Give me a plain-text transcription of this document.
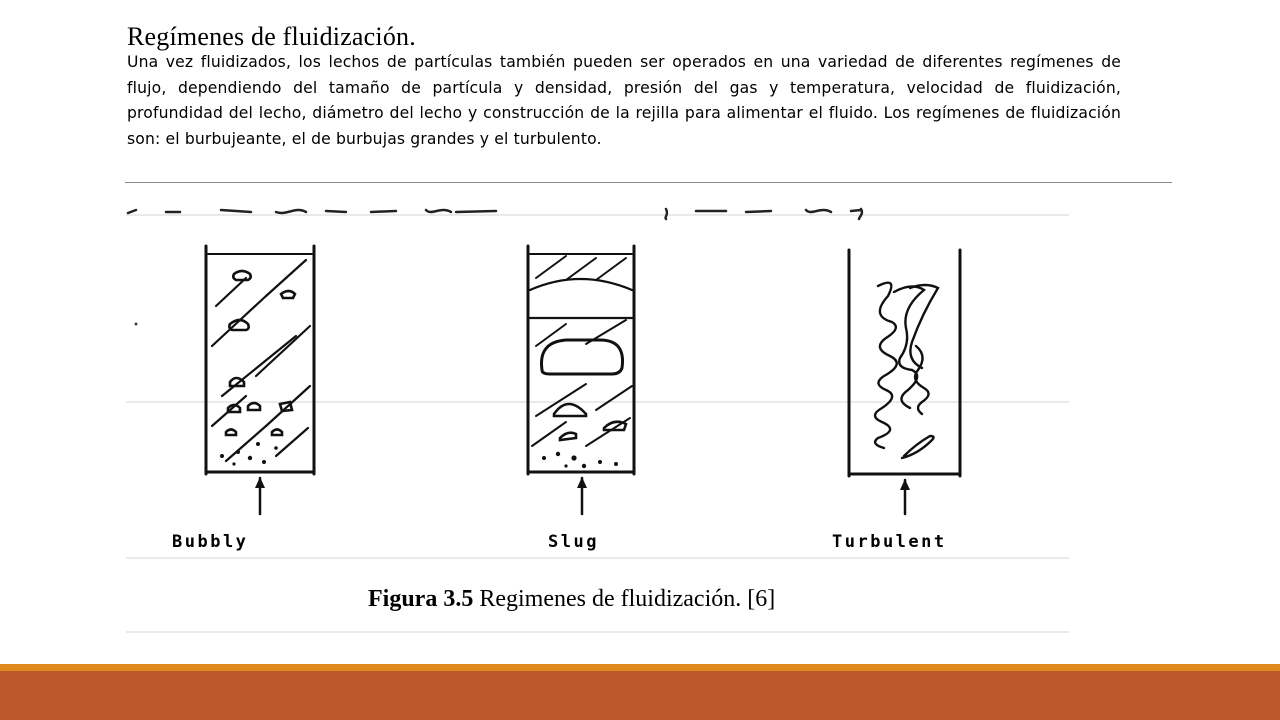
Regímenes de fluidización.
Una vez fluidizados, los lechos de partículas también pueden ser operados en una variedad de diferentes regímenes de flujo, dependiendo del tamaño de partícula y densidad, presión del gas y temperatura, velocidad de fluidización, profundidad del lecho, diámetro del lecho y construcción de la rejilla para alimentar el fluido. Los regímenes de fluidización son: el burbujeante, el de burbujas grandes y el turbulento.
Bubbly	Slug	Turbulent
Figura 3.5 Regimenes de fluidización. [6]
